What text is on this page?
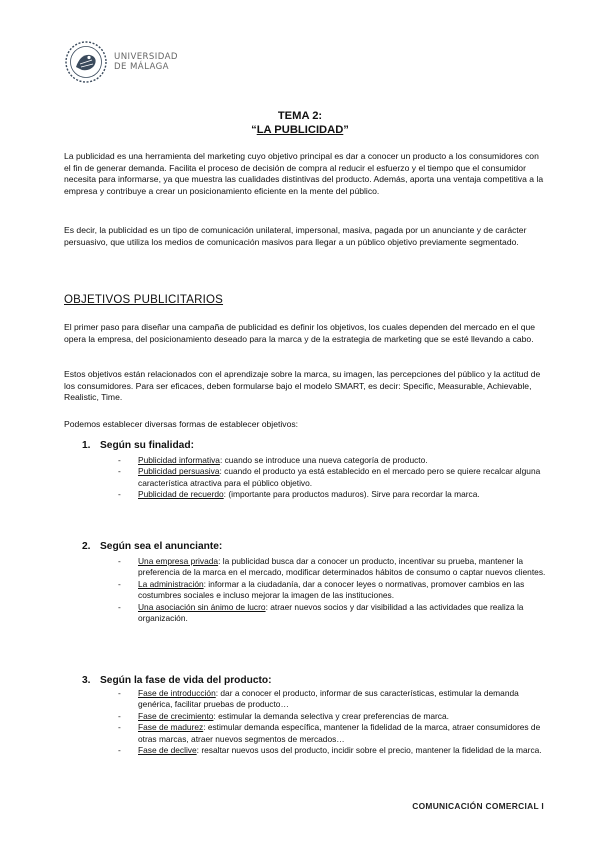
UNIVERSIDAD
DE MÁLAGA
TEMA 2:
“LA PUBLICIDAD”

La publicidad es una herramienta del marketing cuyo objetivo principal es dar a conocer un producto a los consumidores con el fin de generar demanda. Facilita el proceso de decisión de compra al reducir el esfuerzo y el tiempo que el consumidor necesita para informarse, ya que muestra las cualidades distintivas del producto. Además, aporta una ventaja competitiva a la empresa y contribuye a crear un posicionamiento eficiente en la mente del público.

Es decir, la publicidad es un tipo de comunicación unilateral, impersonal, masiva, pagada por un anunciante y de carácter persuasivo, que utiliza los medios de comunicación masivos para llegar a un público objetivo previamente segmentado.

OBJETIVOS PUBLICITARIOS

El primer paso para diseñar una campaña de publicidad es definir los objetivos, los cuales dependen del mercado en el que opera la empresa, del posicionamiento deseado para la marca y de la estrategia de marketing que se esté llevando a cabo.

Estos objetivos están relacionados con el aprendizaje sobre la marca, su imagen, las percepciones del público y la actitud de los consumidores. Para ser eficaces, deben formularse bajo el modelo SMART, es decir: Specific, Measurable, Achievable, Realistic, Time.

Podemos establecer diversas formas de establecer objetivos:

1. Según su finalidad:
- Publicidad informativa: cuando se introduce una nueva categoría de producto.
- Publicidad persuasiva: cuando el producto ya está establecido en el mercado pero se quiere recalcar alguna característica atractiva para el público objetivo.
- Publicidad de recuerdo: (importante para productos maduros). Sirve para recordar la marca.
2. Según sea el anunciante:
- Una empresa privada: la publicidad busca dar a conocer un producto, incentivar su prueba, mantener la preferencia de la marca en el mercado, modificar determinados hábitos de consumo o captar nuevos clientes.
- La administración: informar a la ciudadanía, dar a conocer leyes o normativas, promover cambios en las costumbres sociales e incluso mejorar la imagen de las instituciones.
- Una asociación sin ánimo de lucro: atraer nuevos socios y dar visibilidad a las actividades que realiza la organización.
3. Según la fase de vida del producto:
- Fase de introducción: dar a conocer el producto, informar de sus características, estimular la demanda genérica, facilitar pruebas de producto…
- Fase de crecimiento: estimular la demanda selectiva y crear preferencias de marca.
- Fase de madurez: estimular demanda específica, mantener la fidelidad de la marca, atraer consumidores de otras marcas, atraer nuevos segmentos de mercados…
- Fase de declive: resaltar nuevos usos del producto, incidir sobre el precio, mantener la fidelidad de la marca.
COMUNICACIÓN COMERCIAL I
